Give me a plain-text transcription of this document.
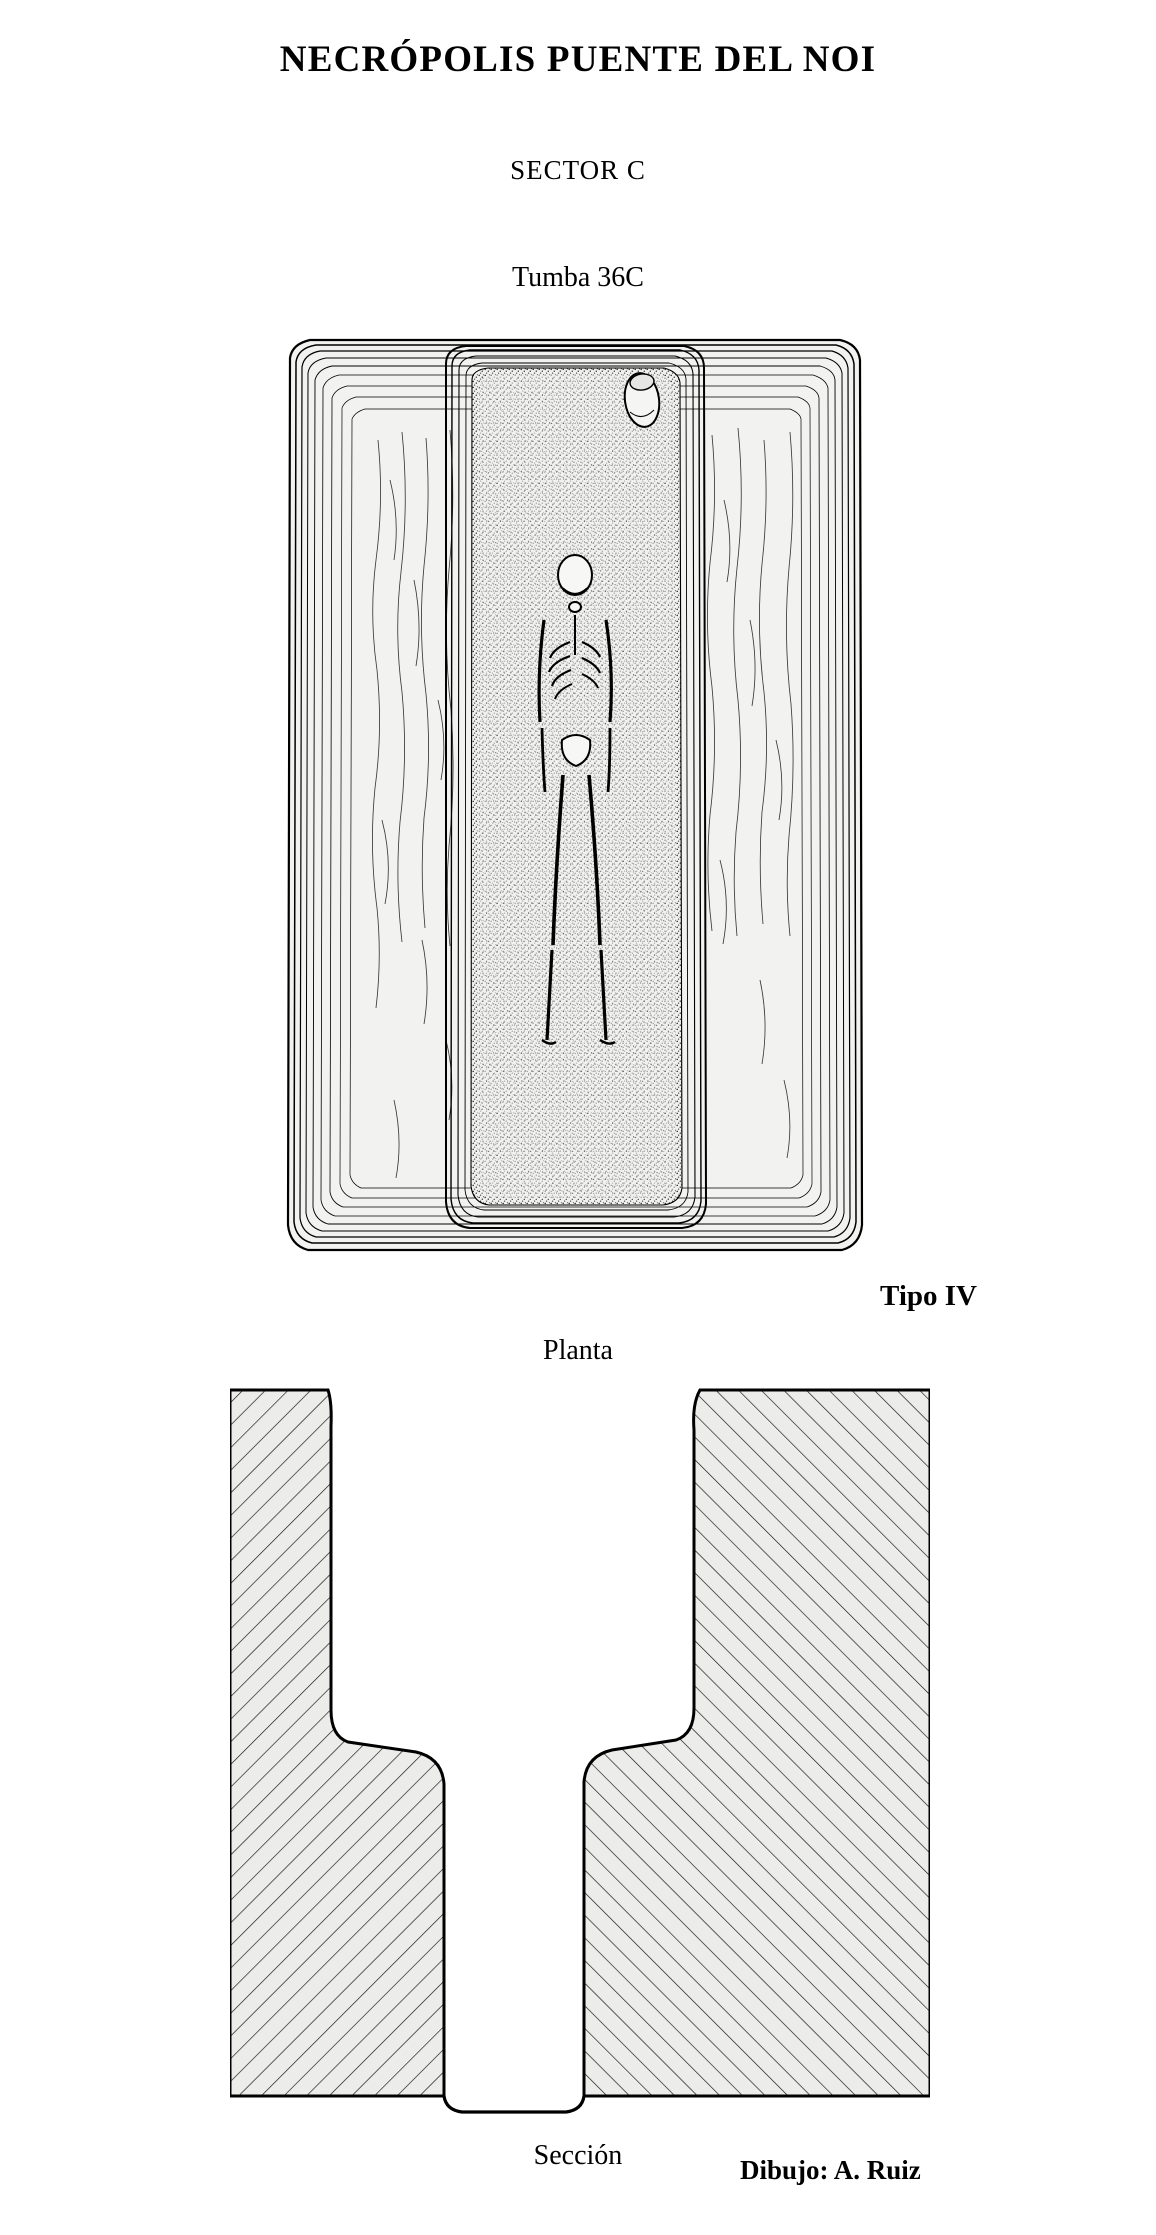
NECRÓPOLIS PUENTE DEL NOI
SECTOR C
Tumba 36C
Tipo IV
Planta
Sección	Dibujo: A. Ruiz
